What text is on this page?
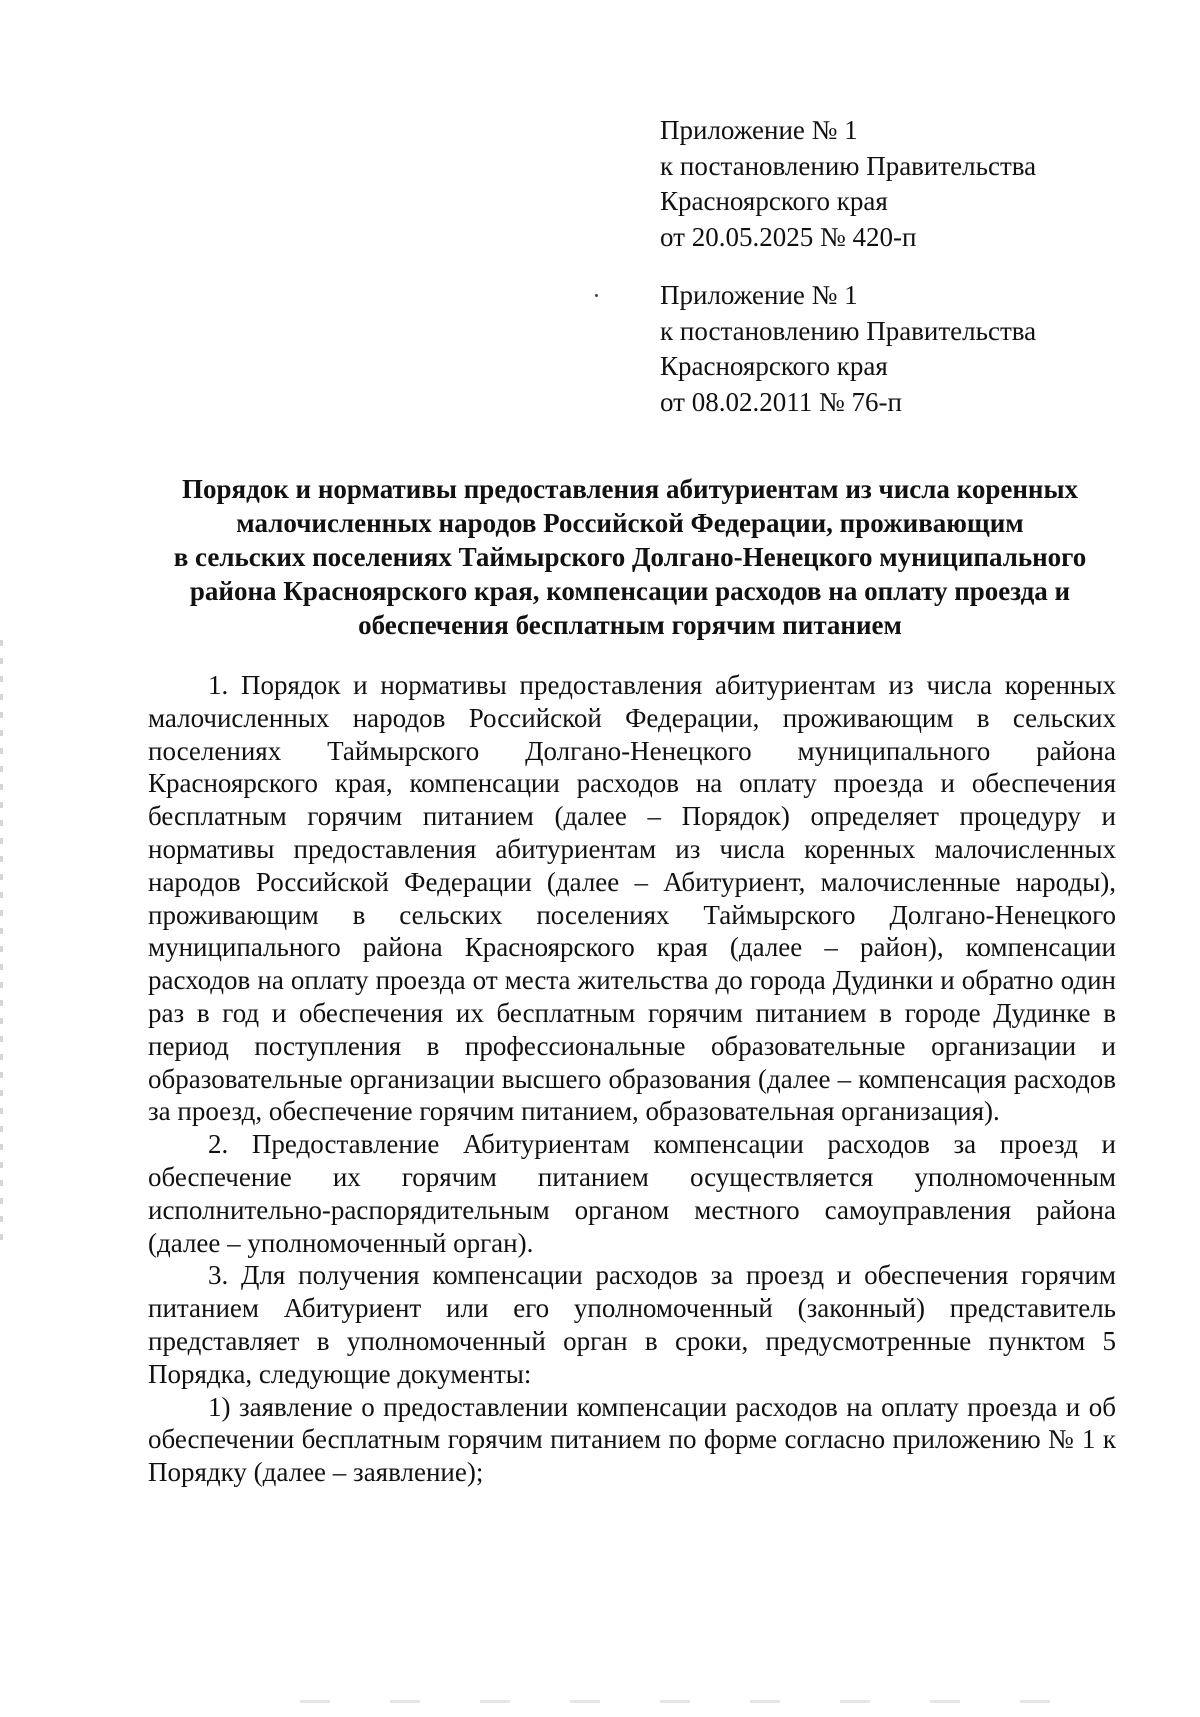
Приложение № 1
к постановлению Правительства
Красноярского края
от 20.05.2025 № 420-п
Приложение № 1
к постановлению Правительства
Красноярского края
от 08.02.2011 № 76-п
Порядок и нормативы предоставления абитуриентам из числа коренных
малочисленных народов Российской Федерации, проживающим
в сельских поселениях Таймырского Долгано-Ненецкого муниципального
района Красноярского края, компенсации расходов на оплату проезда и
обеспечения бесплатным горячим питанием

1. Порядок и нормативы предоставления абитуриентам из числа коренных малочисленных народов Российской Федерации, проживающим в сельских поселениях Таймырского Долгано-Ненецкого муниципального района Красноярского края, компенсации расходов на оплату проезда и обеспечения бесплатным горячим питанием (далее – Порядок) определяет процедуру и нормативы предоставления абитуриентам из числа коренных малочисленных народов Российской Федерации (далее – Абитуриент, малочисленные народы), проживающим в сельских поселениях Таймырского Долгано-Ненецкого муниципального района Красноярского края (далее – район), компенсации расходов на оплату проезда от места жительства до города Дудинки и обратно один раз в год и обеспечения их бесплатным горячим питанием в городе Дудинке в период поступления в профессиональные образовательные организации и образовательные организации высшего образования (далее – компенсация расходов за проезд, обеспечение горячим питанием, образовательная организация).

2. Предоставление Абитуриентам компенсации расходов за проезд и обеспечение их горячим питанием осуществляется уполномоченным исполнительно-распорядительным органом местного самоуправления района (далее – уполномоченный орган).

3. Для получения компенсации расходов за проезд и обеспечения горячим питанием Абитуриент или его уполномоченный (законный) представитель представляет в уполномоченный орган в сроки, предусмотренные пунктом 5 Порядка, следующие документы:

1) заявление о предоставлении компенсации расходов на оплату проезда и об обеспечении бесплатным горячим питанием по форме согласно приложению № 1 к Порядку (далее – заявление);
